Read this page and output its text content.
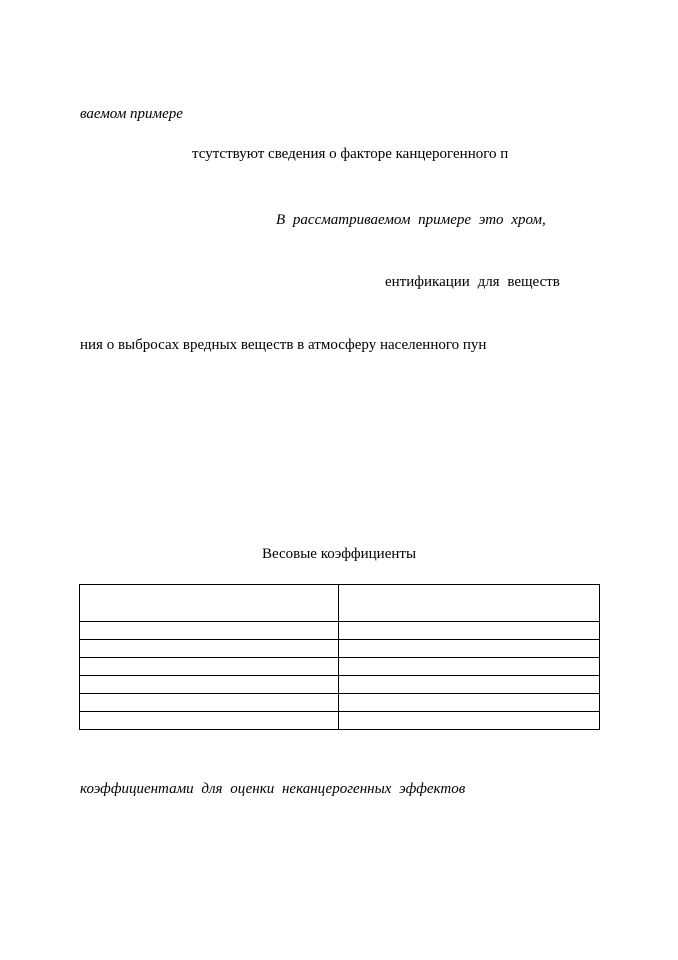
ваемом примере
тсутствуют сведения о факторе канцерогенного п
В рассматриваемом примере это хром,
ентификации для веществ
ния о выбросах вредных веществ в атмосферу населенного пун
Весовые коэффициенты

коэффициентами для оценки неканцерогенных эффектов
